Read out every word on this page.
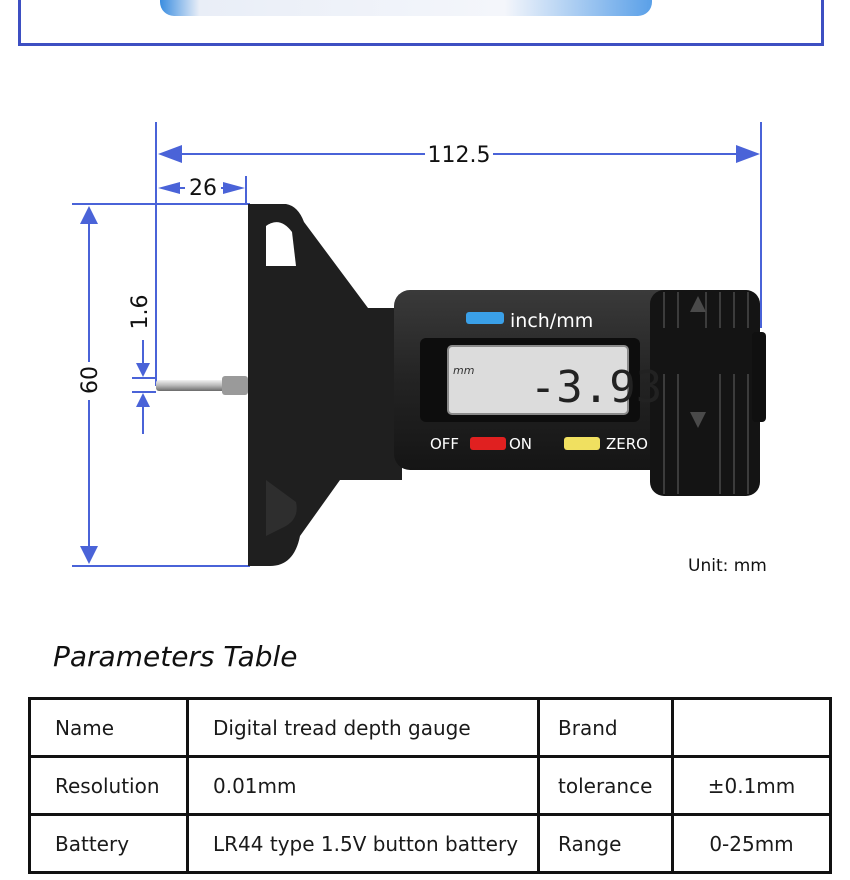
112.5
26
60
1.6	inch/mm
mm -3.93
OFF	ON	ZERO
Unit: mm
Parameters Table
Name	Digital tread depth gauge	Brand	
Resolution	0.01mm	tolerance	±0.1mm
Battery	LR44 type 1.5V button battery	Range	0-25mm
